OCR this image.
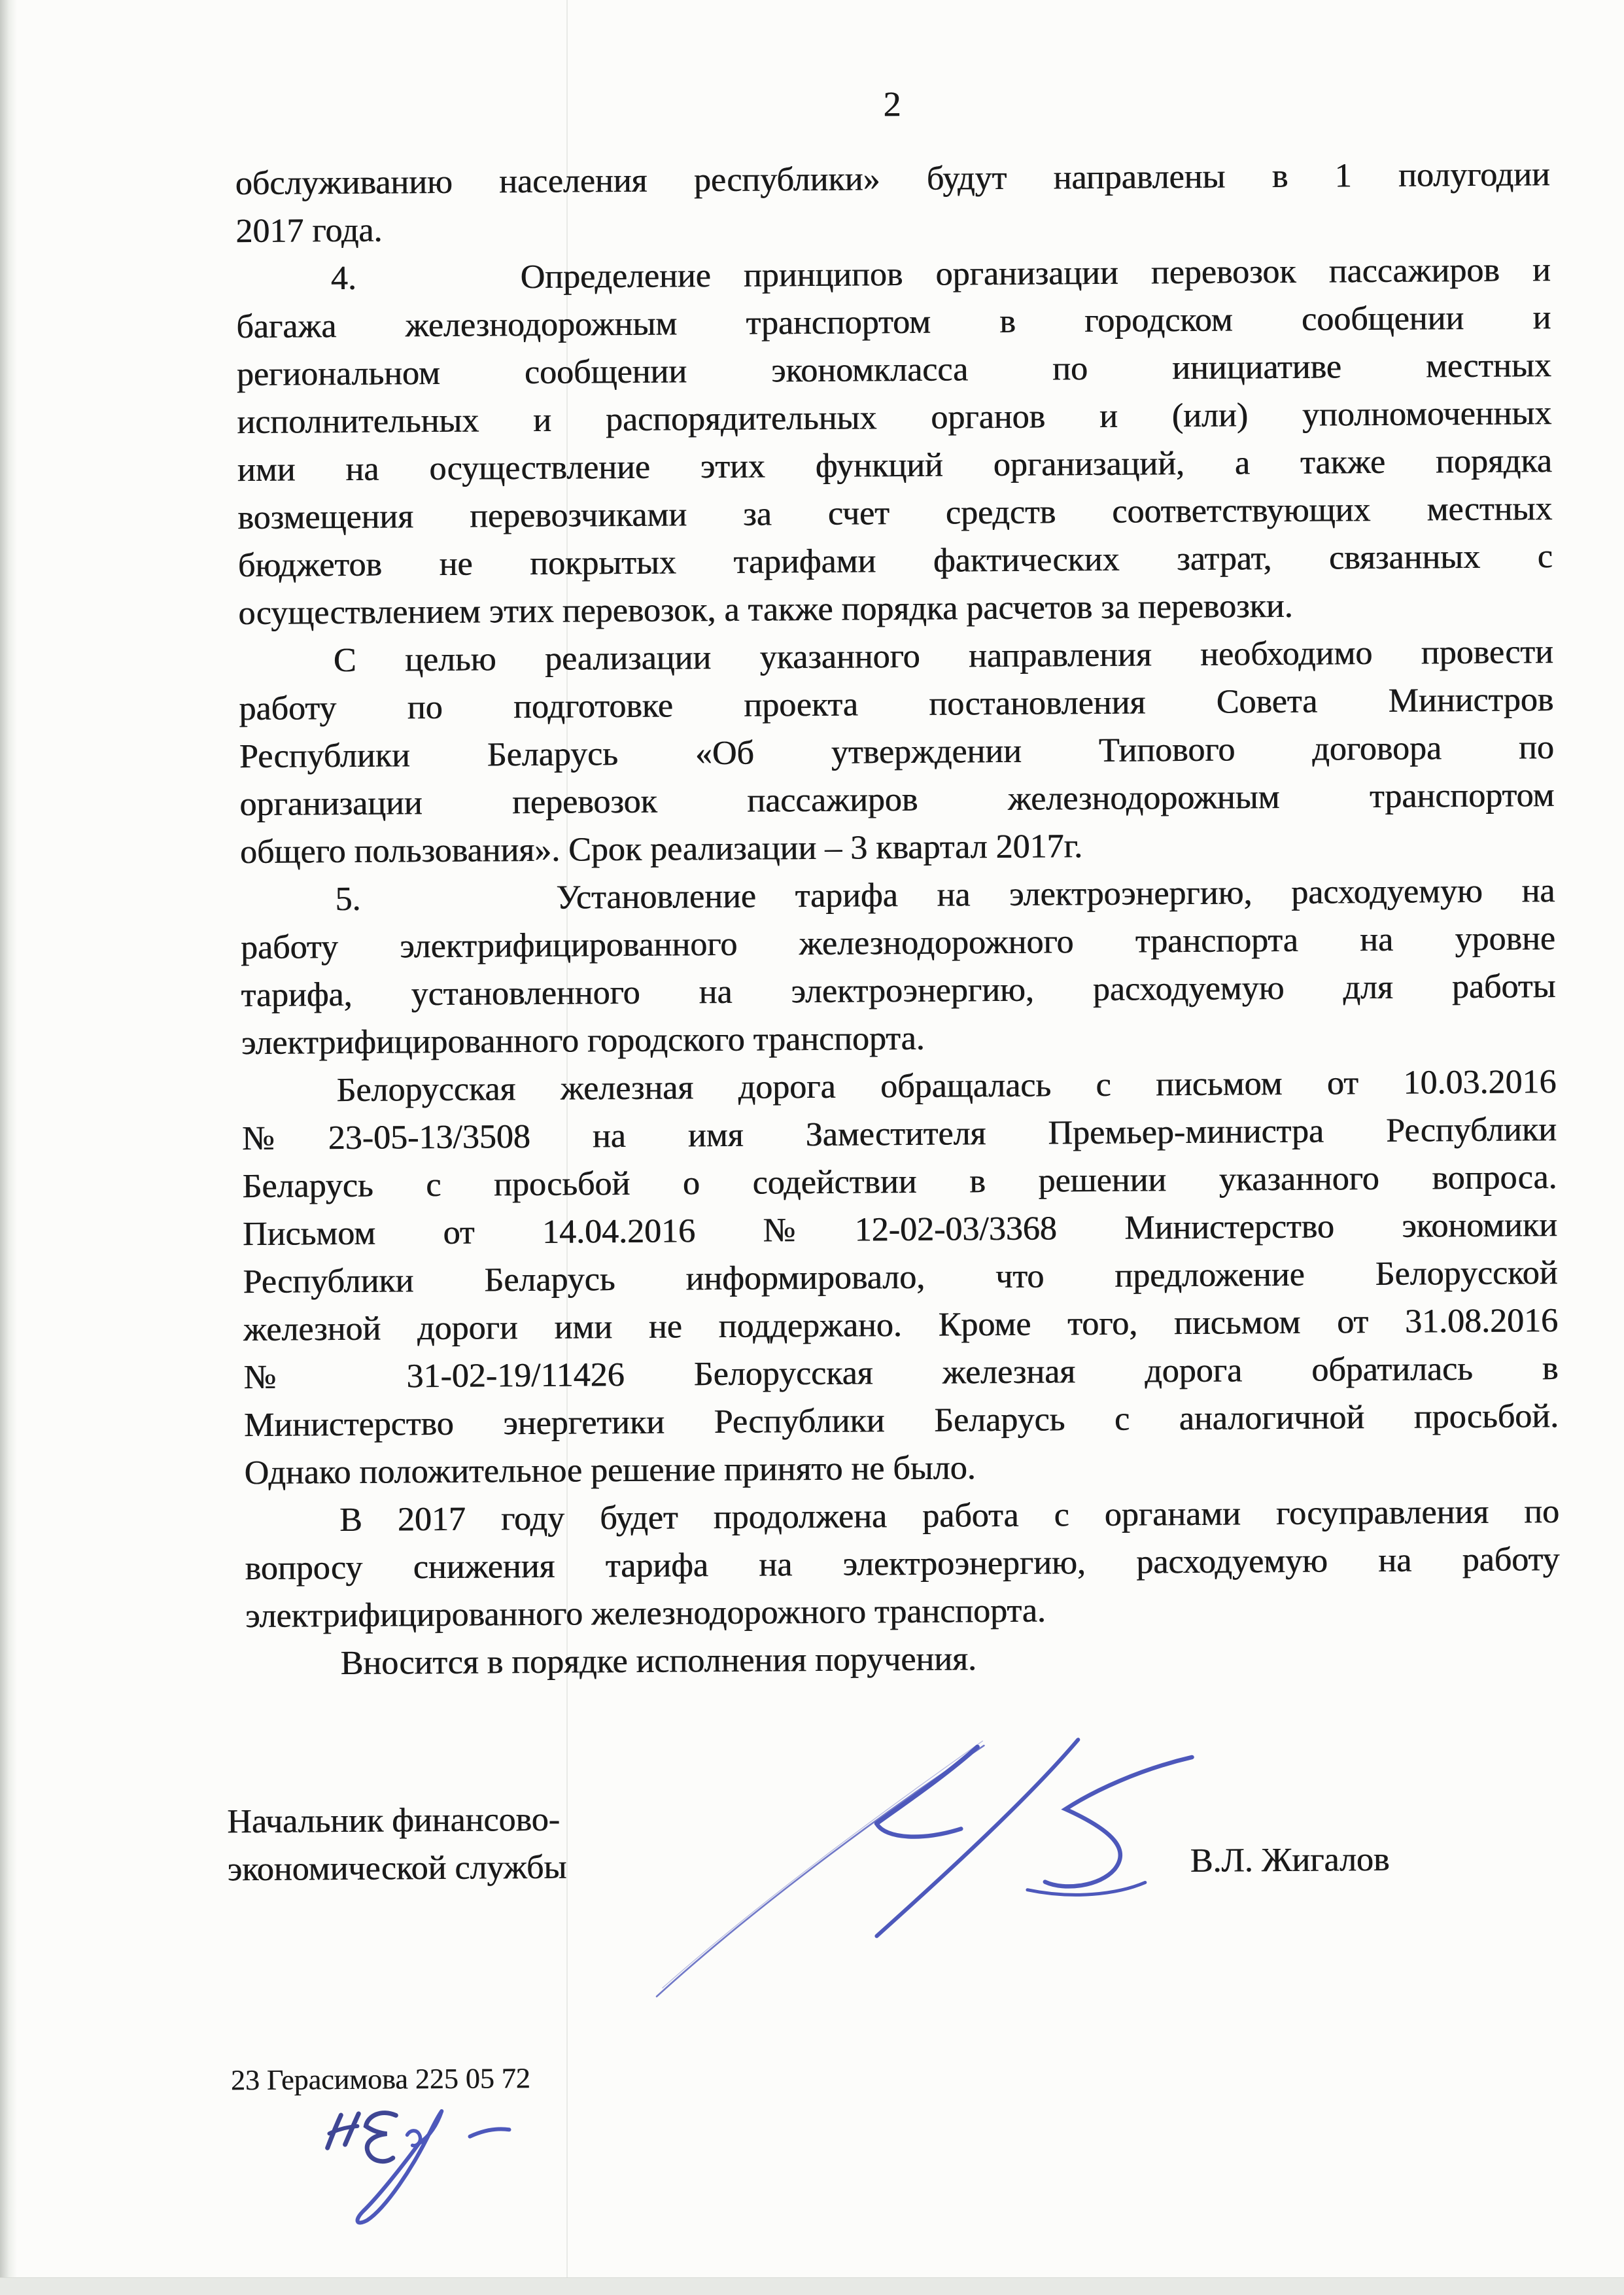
2
обслуживанию населения республики» будут направлены в 1 полугодии
2017 года.
4.     Определение принципов организации перевозок пассажиров и
багажа железнодорожным транспортом в городском сообщении и
региональном сообщении экономкласса по инициативе местных
исполнительных и распорядительных органов и (или) уполномоченных
ими на осуществление этих функций организаций, а также порядка
возмещения перевозчиками за счет средств соответствующих местных
бюджетов не покрытых тарифами фактических затрат, связанных с
осуществлением этих перевозок, а также порядка расчетов за перевозки.
С целью реализации указанного направления необходимо провести
работу по подготовке проекта постановления Совета Министров
Республики Беларусь «Об утверждении Типового договора по
организации перевозок пассажиров железнодорожным транспортом
общего пользования». Срок реализации – 3 квартал 2017г.
5.     Установление тарифа на электроэнергию, расходуемую на
работу электрифицированного железнодорожного транспорта на уровне
тарифа, установленного на электроэнергию, расходуемую для работы
электрифицированного городского транспорта.
Белорусская железная дорога обращалась с письмом от 10.03.2016
№23-05-13/3508 на имя Заместителя Премьер-министра Республики
Беларусь с просьбой о содействии в решении указанного вопроса.
Письмом от 14.04.2016 №12-02-03/3368 Министерство экономики
Республики Беларусь информировало, что предложение Белорусской
железной дороги ими не поддержано. Кроме того, письмом от 31.08.2016
№ 31-02-19/11426 Белорусская железная дорога обратилась в
Министерство энергетики Республики Беларусь с аналогичной просьбой.
Однако положительное решение принято не было.
В 2017 году будет продолжена работа с органами госуправления по
вопросу снижения тарифа на электроэнергию, расходуемую на работу
электрифицированного железнодорожного транспорта.
Вносится в порядке исполнения поручения.
Начальник финансово-
экономической службы	В.Л. Жигалов
23 Герасимова 225 05 72
